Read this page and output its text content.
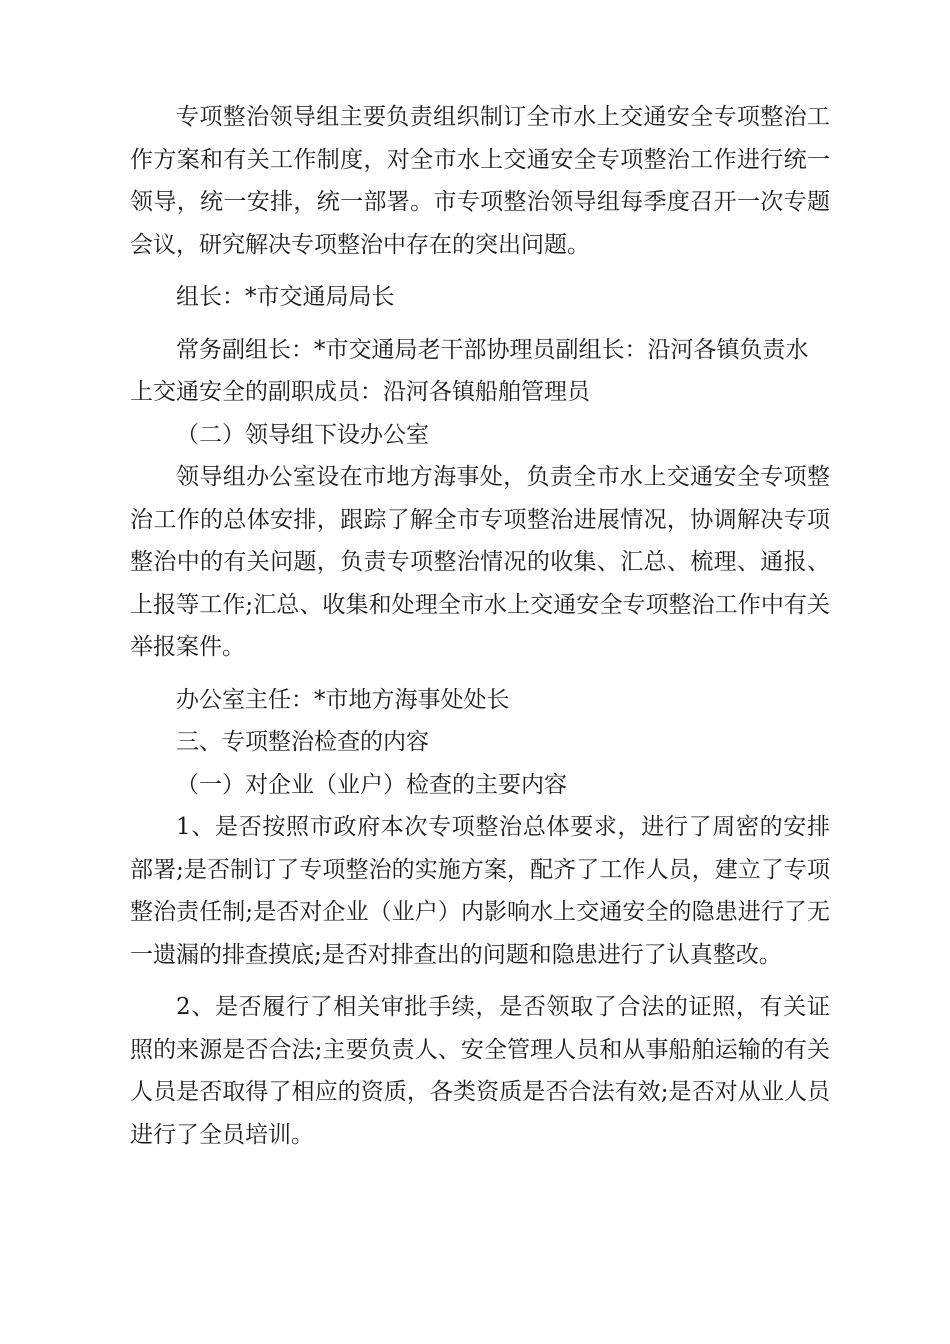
专项整治领导组主要负责组织制订全市水上交通安全专项整治工作方案和有关工作制度，对全市水上交通安全专项整治工作进行统一领导，统一安排，统一部署。市专项整治领导组每季度召开一次专题会议，研究解决专项整治中存在的突出问题。

组长：*市交通局局长

常务副组长：*市交通局老干部协理员副组长：沿河各镇负责水

上交通安全的副职成员：沿河各镇船舶管理员

（二）领导组下设办公室

领导组办公室设在市地方海事处，负责全市水上交通安全专项整治工作的总体安排，跟踪了解全市专项整治进展情况，协调解决专项整治中的有关问题，负责专项整治情况的收集、汇总、梳理、通报、上报等工作;汇总、收集和处理全市水上交通安全专项整治工作中有关举报案件。

办公室主任：*市地方海事处处长

三、专项整治检查的内容

（一）对企业（业户）检查的主要内容

1、是否按照市政府本次专项整治总体要求，进行了周密的安排部署;是否制订了专项整治的实施方案，配齐了工作人员，建立了专项整治责任制;是否对企业（业户）内影响水上交通安全的隐患进行了无一遗漏的排查摸底;是否对排查出的问题和隐患进行了认真整改。

2、是否履行了相关审批手续，是否领取了合法的证照，有关证照的来源是否合法;主要负责人、安全管理人员和从事船舶运输的有关人员是否取得了相应的资质，各类资质是否合法有效;是否对从业人员进行了全员培训。
